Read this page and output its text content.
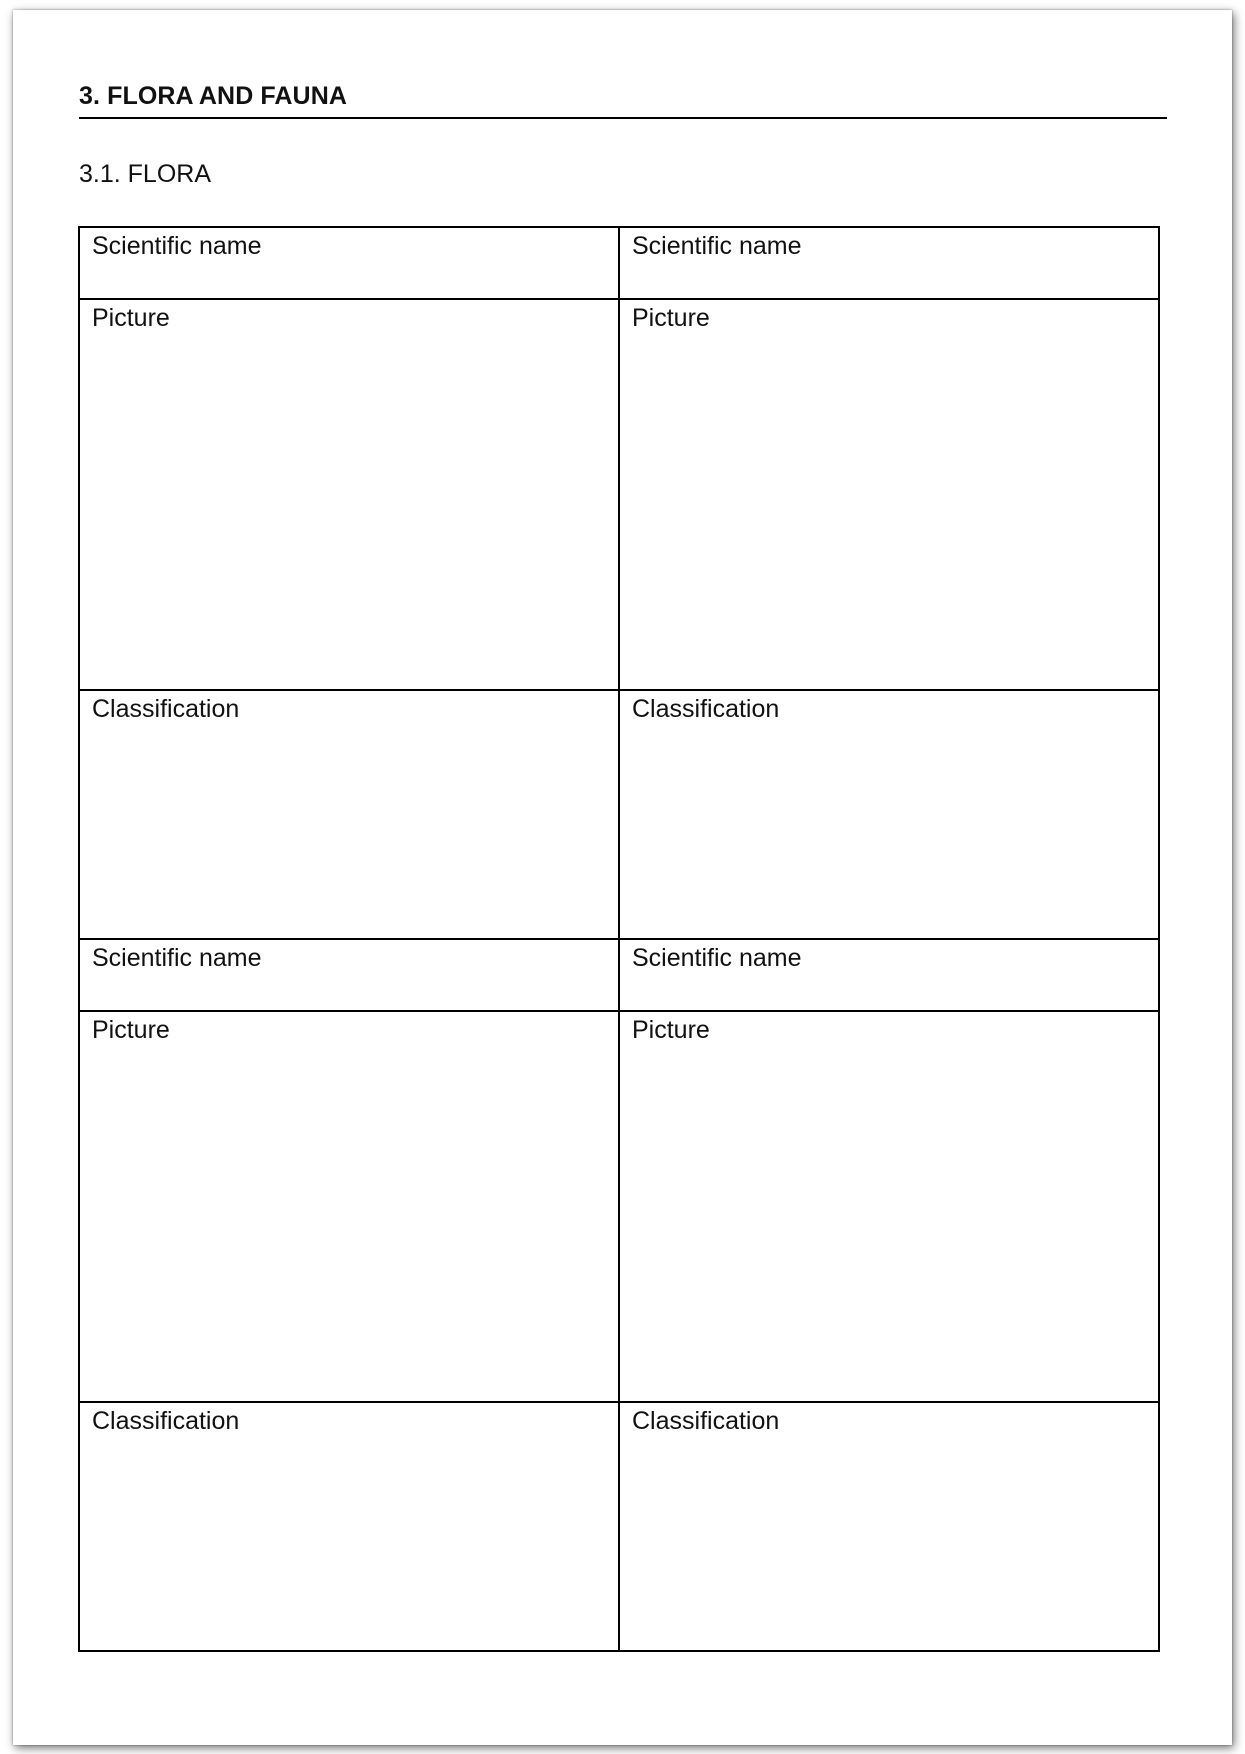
3. FLORA AND FAUNA
3.1. FLORA
Scientific name	Scientific name
Picture	Picture
Classification	Classification
Scientific name	Scientific name
Picture	Picture
Classification	Classification
